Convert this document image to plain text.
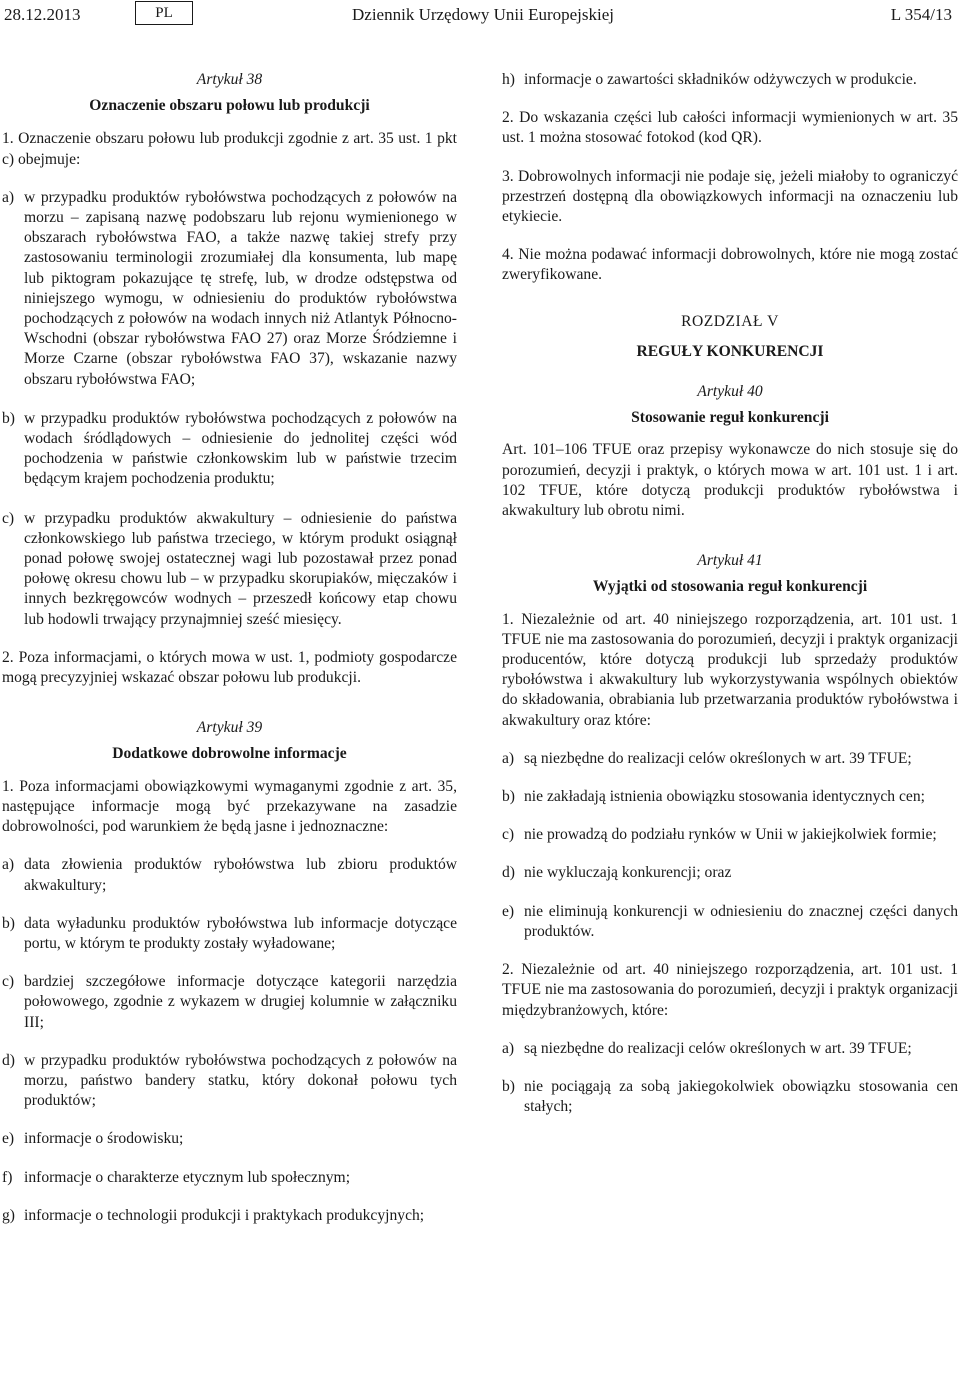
28.12.2013	PL	Dziennik Urzędowy Unii Europejskiej	L 354/13
Artykuł 38
Oznaczenie obszaru połowu lub produkcji

1. Oznaczenie obszaru połowu lub produkcji zgodnie z art. 35 ust. 1 pkt c) obejmuje:

a) w przypadku produktów rybołówstwa pochodzących z połowów na morzu – zapisaną nazwę podobszaru lub rejonu wymienionego w obszarach rybołówstwa FAO, a także nazwę takiej strefy przy zastosowaniu terminologii zrozumiałej dla konsumenta, lub mapę lub piktogram pokazujące tę strefę, lub, w drodze odstępstwa od niniejszego wymogu, w odniesieniu do produktów rybołówstwa pochodzących z połowów na wodach innych niż Atlantyk Północno-Wschodni (obszar rybołówstwa FAO 27) oraz Morze Śródziemne i Morze Czarne (obszar rybołówstwa FAO 37), wskazanie nazwy obszaru rybołówstwa FAO;
b) w przypadku produktów rybołówstwa pochodzących z połowów na wodach śródlądowych – odniesienie do jednolitej części wód pochodzenia w państwie członkowskim lub w państwie trzecim będącym krajem pochodzenia produktu;
c) w przypadku produktów akwakultury – odniesienie do państwa członkowskiego lub państwa trzeciego, w którym produkt osiągnął ponad połowę swojej ostatecznej wagi lub pozostawał przez ponad połowę okresu chowu lub – w przypadku skorupiaków, mięczaków i innych bezkręgowców wodnych – przeszedł końcowy etap chowu lub hodowli trwający przynajmniej sześć miesięcy.

2. Poza informacjami, o których mowa w ust. 1, podmioty gospodarcze mogą precyzyjniej wskazać obszar połowu lub produkcji.

Artykuł 39
Dodatkowe dobrowolne informacje

1. Poza informacjami obowiązkowymi wymaganymi zgodnie z art. 35, następujące informacje mogą być przekazywane na zasadzie dobrowolności, pod warunkiem że będą jasne i jednoznaczne:

a) data złowienia produktów rybołówstwa lub zbioru produktów akwakultury;
b) data wyładunku produktów rybołówstwa lub informacje dotyczące portu, w którym te produkty zostały wyładowane;
c) bardziej szczegółowe informacje dotyczące kategorii narzędzia połowowego, zgodnie z wykazem w drugiej kolumnie w załączniku III;
d) w przypadku produktów rybołówstwa pochodzących z połowów na morzu, państwo bandery statku, który dokonał połowu tych produktów;
e) informacje o środowisku;
f) informacje o charakterze etycznym lub społecznym;
g) informacje o technologii produkcji i praktykach produkcyjnych;
h) informacje o zawartości składników odżywczych w produkcie.

2. Do wskazania części lub całości informacji wymienionych w art. 35 ust. 1 można stosować fotokod (kod QR).

3. Dobrowolnych informacji nie podaje się, jeżeli miałoby to ograniczyć przestrzeń dostępną dla obowiązkowych informacji na oznaczeniu lub etykiecie.

4. Nie można podawać informacji dobrowolnych, które nie mogą zostać zweryfikowane.

ROZDZIAŁ V
REGUŁY KONKURENCJI
Artykuł 40
Stosowanie reguł konkurencji

Art. 101–106 TFUE oraz przepisy wykonawcze do nich stosuje się do porozumień, decyzji i praktyk, o których mowa w art. 101 ust. 1 i art. 102 TFUE, które dotyczą produkcji produktów rybołówstwa i akwakultury lub obrotu nimi.

Artykuł 41
Wyjątki od stosowania reguł konkurencji

1. Niezależnie od art. 40 niniejszego rozporządzenia, art. 101 ust. 1 TFUE nie ma zastosowania do porozumień, decyzji i praktyk organizacji producentów, które dotyczą produkcji lub sprzedaży produktów rybołówstwa i akwakultury lub wykorzystywania wspólnych obiektów do składowania, obrabiania lub przetwarzania produktów rybołówstwa i akwakultury oraz które:

a) są niezbędne do realizacji celów określonych w art. 39 TFUE;
b) nie zakładają istnienia obowiązku stosowania identycznych cen;
c) nie prowadzą do podziału rynków w Unii w jakiejkolwiek formie;
d) nie wykluczają konkurencji; oraz
e) nie eliminują konkurencji w odniesieniu do znacznej części danych produktów.

2. Niezależnie od art. 40 niniejszego rozporządzenia, art. 101 ust. 1 TFUE nie ma zastosowania do porozumień, decyzji i praktyk organizacji międzybranżowych, które:

a) są niezbędne do realizacji celów określonych w art. 39 TFUE;
b) nie pociągają za sobą jakiegokolwiek obowiązku stosowania cen stałych;
